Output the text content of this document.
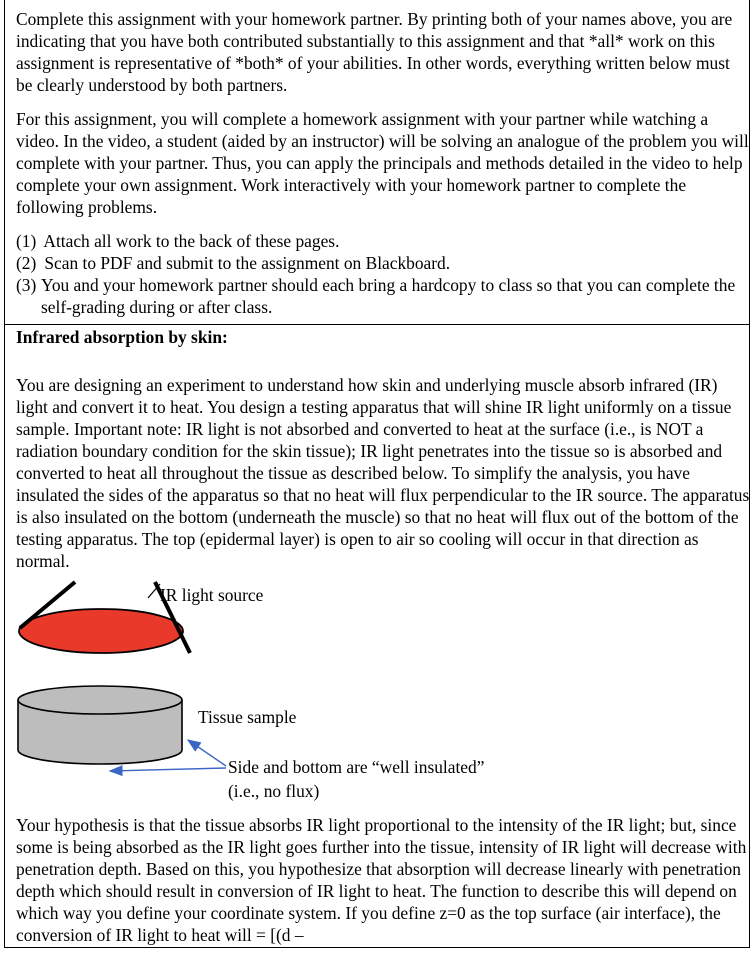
Complete this assignment with your homework partner. By printing both of your names above, you are indicating that you have both contributed substantially to this assignment and that *all* work on this assignment is representative of *both* of your abilities. In other words, everything written below must be clearly understood by both partners.

For this assignment, you will complete a homework assignment with your partner while watching a video. In the video, a student (aided by an instructor) will be solving an analogue of the problem you will complete with your partner. Thus, you can apply the principals and methods detailed in the video to help complete your own assignment. Work interactively with your homework partner to complete the following problems.

(1) Attach all work to the back of these pages.
(2) Scan to PDF and submit to the assignment on Blackboard.
(3) You and your homework partner should each bring a hardcopy to class so that you can complete the self-grading during or after class.
Infrared absorption by skin:

You are designing an experiment to understand how skin and underlying muscle absorb infrared (IR) light and convert it to heat. You design a testing apparatus that will shine IR light uniformly on a tissue sample. Important note: IR light is not absorbed and converted to heat at the surface (i.e., is NOT a radiation boundary condition for the skin tissue); IR light penetrates into the tissue so is absorbed and converted to heat all throughout the tissue as described below. To simplify the analysis, you have insulated the sides of the apparatus so that no heat will flux perpendicular to the IR source. The apparatus is also insulated on the bottom (underneath the muscle) so that no heat will flux out of the bottom of the testing apparatus. The top (epidermal layer) is open to air so cooling will occur in that direction as normal.

IR light source
Tissue sample
Side and bottom are “well insulated”
(i.e., no flux)

Your hypothesis is that the tissue absorbs IR light proportional to the intensity of the IR light; but, since some is being absorbed as the IR light goes further into the tissue, intensity of IR light will decrease with penetration depth. Based on this, you hypothesize that absorption will decrease linearly with penetration depth which should result in conversion of IR light to heat. The function to describe this will depend on which way you define your coordinate system. If you define z=0 as the top surface (air interface), the conversion of IR light to heat will = [(d –
